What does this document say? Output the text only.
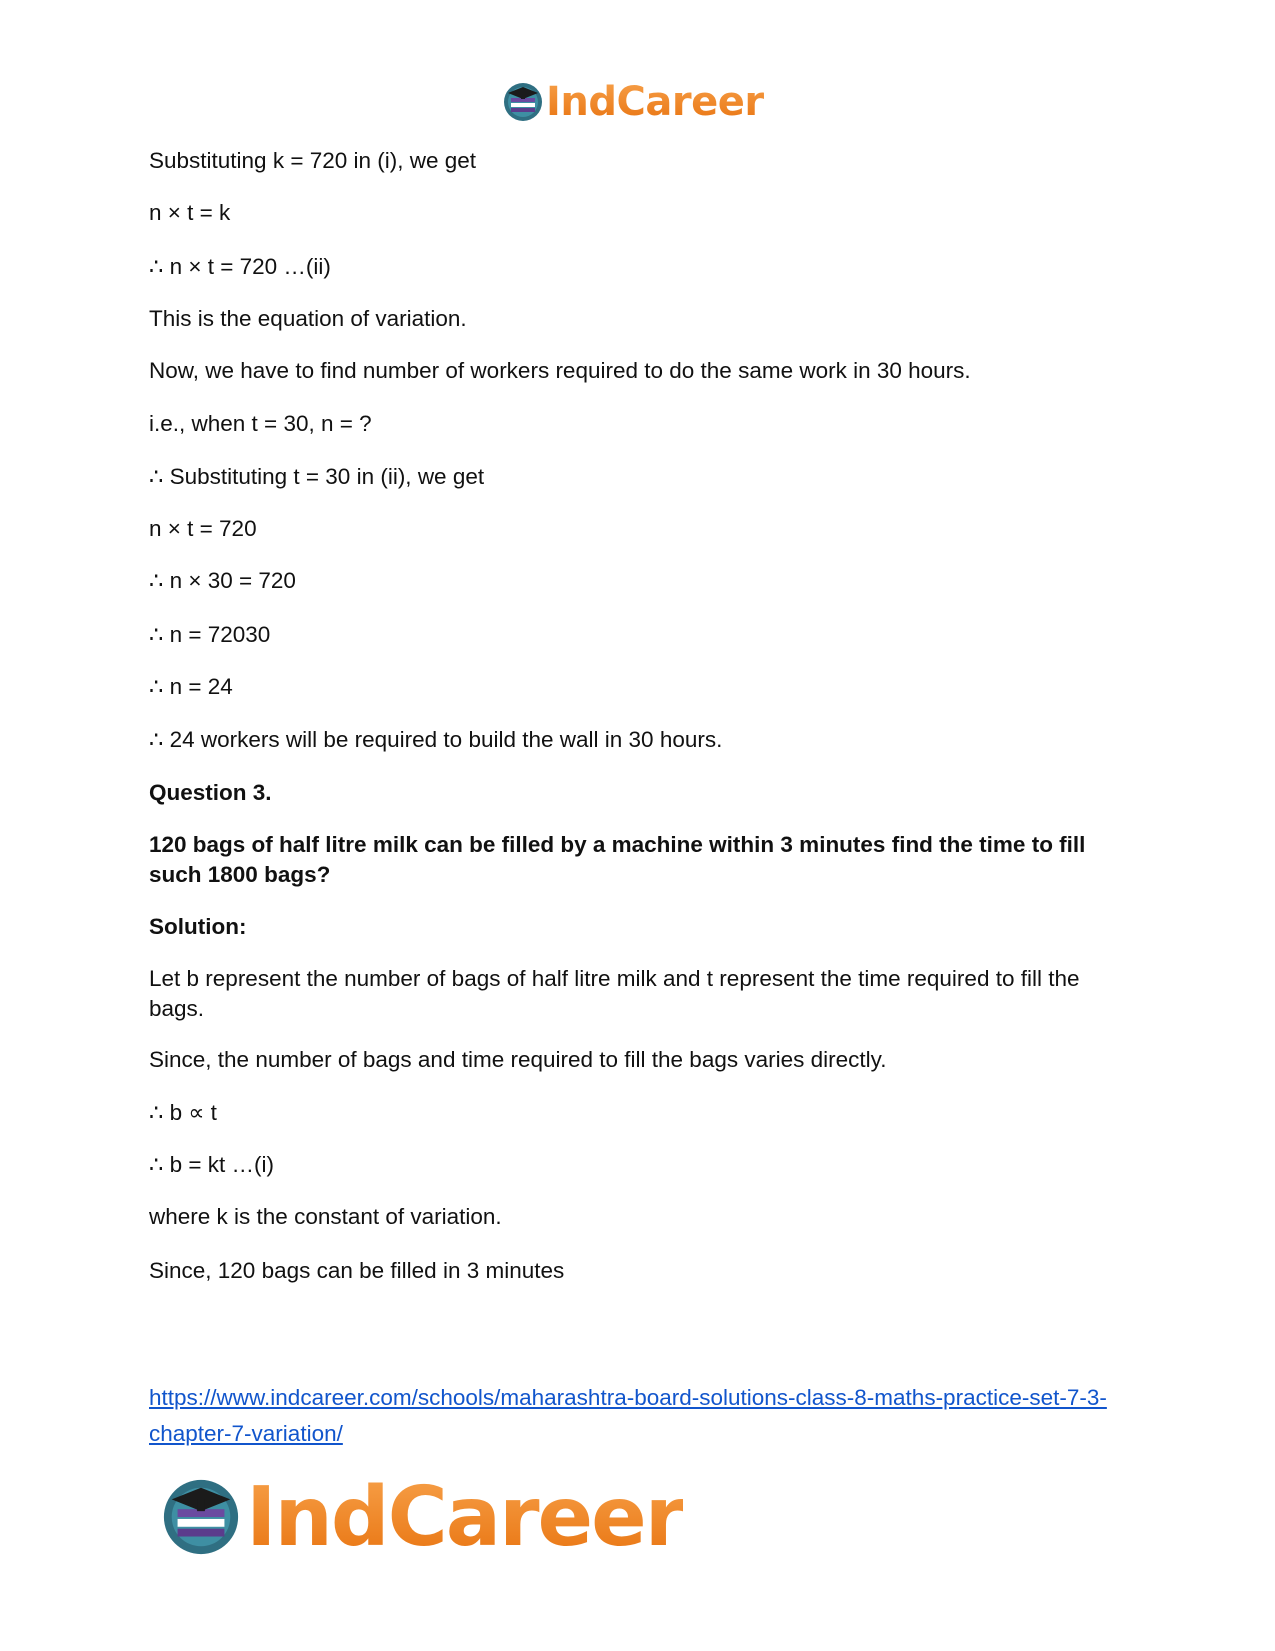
IndCareer

Substituting k = 720 in (i), we get

n × t = k

∴ n × t = 720 …(ii)

This is the equation of variation.

Now, we have to find number of workers required to do the same work in 30 hours.

i.e., when t = 30, n = ?

∴ Substituting t = 30 in (ii), we get

n × t = 720

∴ n × 30 = 720

∴ n = 72030

∴ n = 24

∴ 24 workers will be required to build the wall in 30 hours.

Question 3.

120 bags of half litre milk can be filled by a machine within 3 minutes find the time to fill such 1800 bags?

Solution:

Let b represent the number of bags of half litre milk and t represent the time required to fill the bags.

Since, the number of bags and time required to fill the bags varies directly.

∴ b ∝ t

∴ b = kt …(i)

where k is the constant of variation.

Since, 120 bags can be filled in 3 minutes

https://www.indcareer.com/schools/maharashtra-board-solutions-class-8-maths-practice-set-7-3-chapter-7-variation/
IndCareer
